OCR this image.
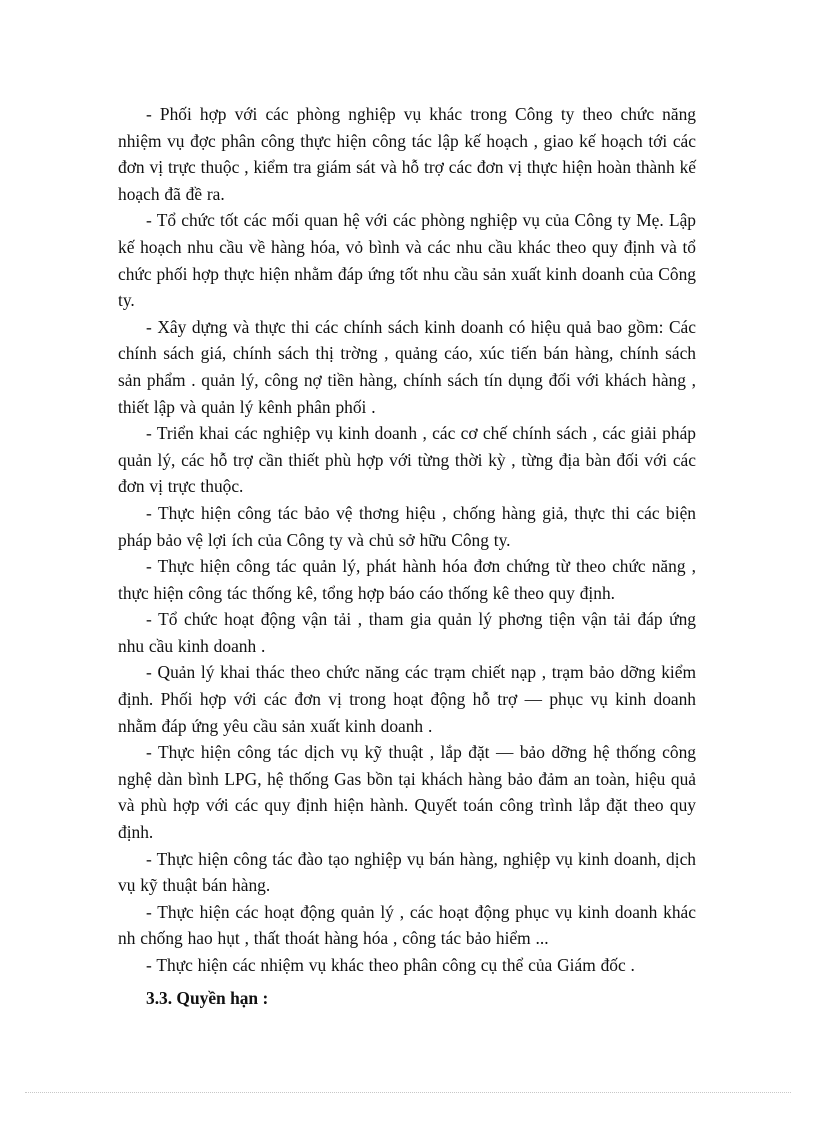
- Phối hợp với các phòng nghiệp vụ khác trong Công ty theo chức năng nhiệm vụ đợc phân công thực hiện công tác lập kế hoạch , giao kế hoạch tới các đơn vị trực thuộc , kiểm tra giám sát và hỗ trợ các đơn vị thực hiện hoàn thành kế hoạch đã đề ra.

- Tổ chức tốt các mối quan hệ với các phòng nghiệp vụ của Công ty Mẹ. Lập kế hoạch nhu cầu về hàng hóa, vỏ bình và các nhu cầu khác theo quy định và tổ chức phối hợp thực hiện nhằm đáp ứng tốt nhu cầu sản xuất kinh doanh của Công ty.

- Xây dựng và thực thi các chính sách kinh doanh có hiệu quả bao gồm: Các chính sách giá, chính sách thị trờng , quảng cáo, xúc tiến bán hàng, chính sách sản phẩm . quản lý, công nợ tiền hàng, chính sách tín dụng đối với khách hàng , thiết lập và quản lý kênh phân phối .

- Triển khai các nghiệp vụ kinh doanh , các cơ chế chính sách , các giải pháp quản lý, các hỗ trợ cần thiết phù hợp với từng thời kỳ , từng địa bàn đối với các đơn vị trực thuộc.

- Thực hiện công tác bảo vệ thơng hiệu , chống hàng giả, thực thi các biện pháp bảo vệ lợi ích của Công ty và chủ sở hữu Công ty.

- Thực hiện công tác quản lý, phát hành hóa đơn chứng từ theo chức năng , thực hiện công tác thống kê, tổng hợp báo cáo thống kê theo quy định.

- Tổ chức hoạt động vận tải , tham gia quản lý phơng tiện vận tải đáp ứng nhu cầu kinh doanh .

- Quản lý khai thác theo chức năng các trạm chiết nạp , trạm bảo dỡng kiểm định. Phối hợp với các đơn vị trong hoạt động hỗ trợ — phục vụ kinh doanh nhằm đáp ứng yêu cầu sản xuất kinh doanh .

- Thực hiện công tác dịch vụ kỹ thuật , lắp đặt — bảo dỡng hệ thống công nghệ dàn bình LPG, hệ thống Gas bồn tại khách hàng bảo đảm an toàn, hiệu quả và phù hợp với các quy định hiện hành. Quyết toán công trình lắp đặt theo quy định.

- Thực hiện công tác đào tạo nghiệp vụ bán hàng, nghiệp vụ kinh doanh, dịch vụ kỹ thuật bán hàng.

- Thực hiện các hoạt động quản lý , các hoạt động phục vụ kinh doanh khác nh chống hao hụt , thất thoát hàng hóa , công tác bảo hiểm ...

- Thực hiện các nhiệm vụ khác theo phân công cụ thể của Giám đốc .

3.3. Quyền hạn :
